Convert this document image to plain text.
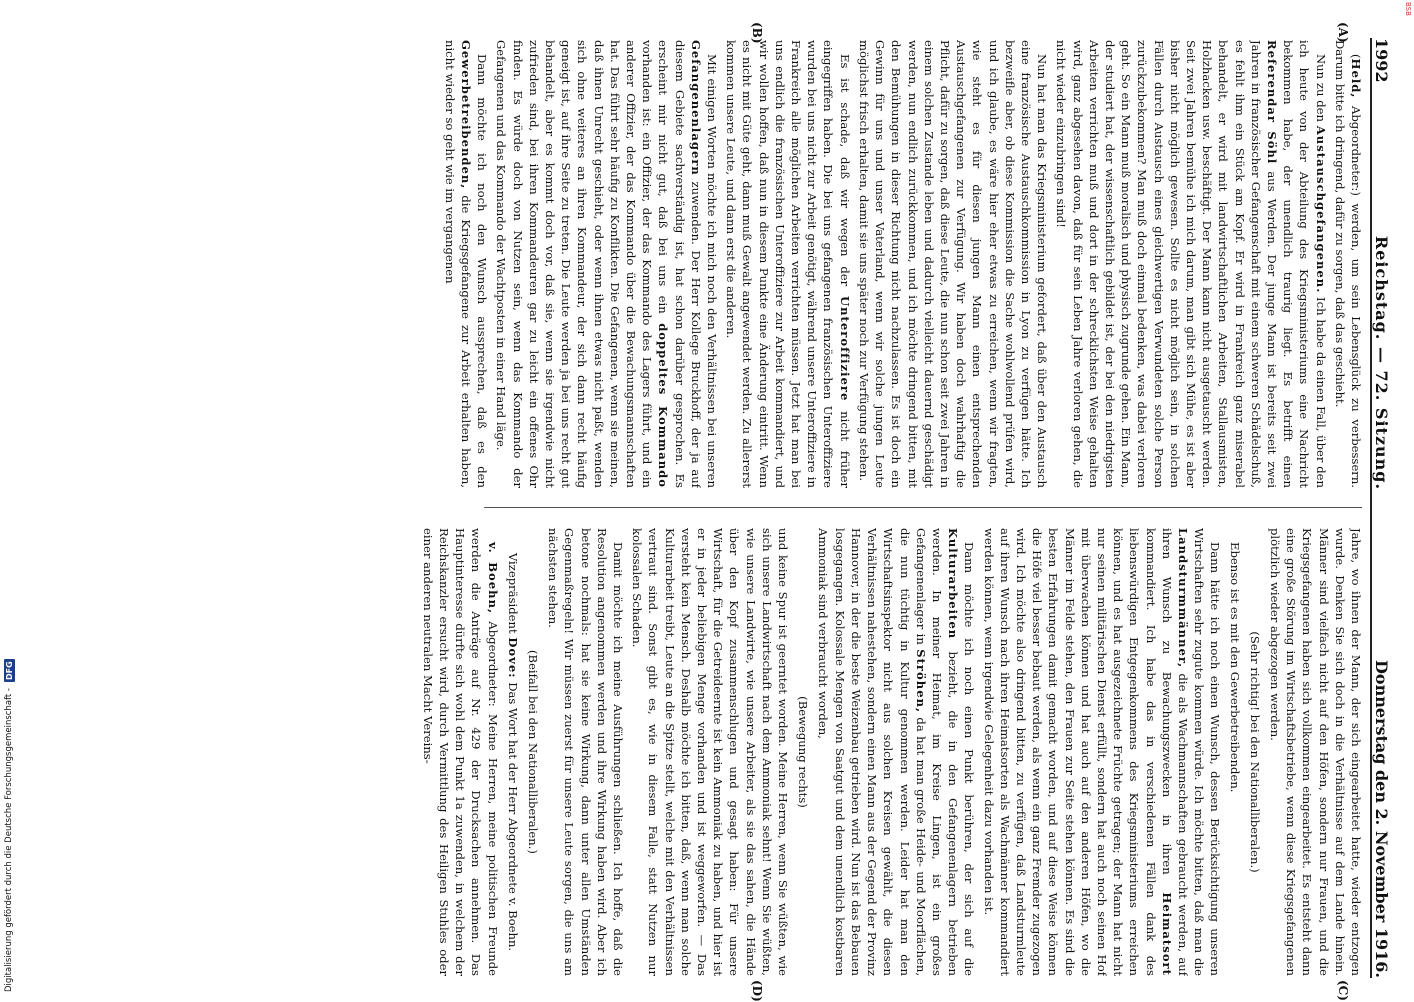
1992
Reichstag. — 72. Sitzung.
Donnerstag den 2. November 1916.
(A)
(B)
(C)
(D)

(Held, Abgeordneter:) werden, um sein Lebensglück zu verbessern. Darum bitte ich dringend, dafür zu sorgen, daß das geschieht.

Nun zu den Austauschgefangenen. Ich habe da einen Fall, über den ich heute von der Abteilung des Kriegsministeriums eine Nachricht bekommen habe, der unendlich traurig liegt. Es betrifft einen Referendar Söhl aus Werden. Der junge Mann ist bereits seit zwei Jahren in französischer Gefangenschaft mit einem schweren Schädelschuß, es fehlt ihm ein Stück am Kopf. Er wird in Frankreich ganz miserabel behandelt, er wird mit landwirtschaftlichen Arbeiten, Stallausmisten, Holzhacken usw. beschäftigt. Der Mann kann nicht ausgetauscht werden. Seit zwei Jahren bemühe ich mich darum, man gibt sich Mühe, es ist aber bisher nicht möglich gewesen. Sollte es nicht möglich sein, in solchen Fällen durch Austausch eines gleichwertigen Verwundeten solche Person zurückzubekommen? Man muß doch einmal bedenken, was dabei verloren geht. So ein Mann muß moralisch und physisch zugrunde gehen. Ein Mann, der studiert hat, der wissenschaftlich gebildet ist, der bei den niedrigsten Arbeiten verrichten muß und dort in der schrecklichsten Weise gehalten wird, ganz abgesehen davon, daß für sein Leben Jahre verloren gehen, die nicht wieder einzubringen sind!

Nun hat man das Kriegsministerium gefordert, daß über den Austausch eine französische Austauschkommission in Lyon zu verfügen hätte. Ich bezweifle aber, ob diese Kommission die Sache wohlwollend prüfen wird, und ich glaube, es wäre hier eher etwas zu erreichen, wenn wir fragten, wie steht es für diesen jungen Mann einen entsprechenden Austauschgefangenen zur Verfügung. Wir haben doch wahrhaftig die Pflicht, dafür zu sorgen, daß diese Leute, die nun schon seit zwei Jahren in einem solchen Zustande leben und dadurch vielleicht dauernd geschädigt werden, nun endlich zurückkommen, und ich möchte dringend bitten, mit den Bemühungen in dieser Richtung nicht nachzulassen. Es ist doch ein Gewinn für uns und unser Vaterland, wenn wir solche jungen Leute möglichst frisch erhalten, damit sie uns später noch zur Verfügung stehen.

Es ist schade, daß wir wegen der Unteroffiziere nicht früher eingegriffen haben. Die bei uns gefangenen französischen Unteroffiziere wurden bei uns nicht zur Arbeit genötigt, während unsere Unteroffiziere in Frankreich alle möglichen Arbeiten verrichten müssen. Jetzt hat man bei uns endlich die französischen Unteroffiziere zur Arbeit kommandiert, und wir wollen hoffen, daß nun in diesem Punkte eine Änderung eintritt. Wenn es nicht mit Güte geht, dann muß Gewalt angewendet werden. Zu allererst kommen unsere Leute, und dann erst die anderen.

Mit einigen Worten möchte ich mich noch den Verhältnissen bei unseren Gefangenenlagern zuwenden. Der Herr Kollege Bruckhoff, der ja auf diesem Gebiete sachverständig ist, hat schon darüber gesprochen. Es erscheint mir nicht gut, daß bei uns ein doppeltes Kommando vorhanden ist: ein Offizier, der das Kommando des Lagers führt, und ein anderer Offizier, der das Kommando über die Bewachungsmannschaften hat. Das führt sehr häufig zu Konflikten. Die Gefangenen, wenn sie meinen, daß ihnen Unrecht geschieht, oder wenn ihnen etwas nicht paßt, wenden sich ohne weiteres an ihren Kommandeur, der sich dann recht häufig geneigt ist, auf ihre Seite zu treten. Die Leute werden ja bei uns recht gut behandelt, aber es kommt doch vor, daß sie, wenn sie irgendwie nicht zufrieden sind, bei ihren Kommandeuren gar zu leicht ein offenes Ohr finden. Es würde doch von Nutzen sein, wenn das Kommando der Gefangenen und das Kommando der Wachtposten in einer Hand läge.

Dann möchte ich noch den Wunsch aussprechen, daß es den Gewerbetreibenden, die Kriegsgefangene zur Arbeit erhalten haben, nicht wieder so geht wie im vergangenen

Jahre, wo ihnen der Mann, der sich eingearbeitet hatte, wieder entzogen wurde. Denken Sie sich doch in die Verhältnisse auf dem Lande hinein. Männer sind vielfach nicht auf den Höfen, sondern nur Frauen, und die Kriegsgefangenen haben sich vollkommen eingearbeitet. Es entsteht dann eine große Störung im Wirtschaftsbetriebe, wenn diese Kriegsgefangenen plötzlich wieder abgezogen werden.

(Sehr richtig! bei den Nationalliberalen.)

Ebenso ist es mit den Gewerbetreibenden.

Dann hätte ich noch einen Wunsch, dessen Berücksichtigung unseren Wirtschaften sehr zugute kommen würde. Ich möchte bitten, daß man die Landsturmmänner, die als Wachmannschaften gebraucht werden, auf ihren Wunsch zu Bewachungszwecken in ihren Heimatsort kommandiert. Ich habe das in verschiedenen Fällen dank des liebenswürdigen Entgegenkommens des Kriegsministeriums erreichen können, und es hat ausgezeichnete Früchte getragen; der Mann hat nicht nur seinen militärischen Dienst erfüllt, sondern hat auch noch seinen Hof mit überwachen können und hat auch auf den anderen Höfen, wo die Männer im Felde stehen, den Frauen zur Seite stehen können. Es sind die besten Erfahrungen damit gemacht worden, und auf diese Weise können die Höfe viel besser bebaut werden, als wenn ein ganz Fremder zugezogen wird. Ich möchte also dringend bitten, zu verfügen, daß Landsturmleute auf ihren Wunsch nach ihren Heimatsorten als Wachmänner kommandiert werden können, wenn irgendwie Gelegenheit dazu vorhanden ist.

Dann möchte ich noch einen Punkt berühren, der sich auf die Kulturarbeiten bezieht, die in den Gefangenenlagern betrieben werden. In meiner Heimat, im Kreise Lingen, ist ein großes Gefangenenlager in Ströhen, da hat man große Heide- und Moorflächen, die nun tüchtig in Kultur genommen werden. Leider hat man den Wirtschaftsinspektor nicht aus solchen Kreisen gewählt, die diesen Verhältnissen nahestehen, sondern einen Mann aus der Gegend der Provinz Hannover, in der die beste Weizenbau getrieben wird. Nun ist das Bebauen losgegangen. Kolossale Mengen von Saatgut und dem unendlich kostbaren Ammoniak sind verbraucht worden,

(Bewegung rechts)

und keine Spur ist geerntet worden. Meine Herren, wenn Sie wüßten, wie sich unsere Landwirtschaft nach dem Ammoniak sehnt! Wenn Sie wüßten, wie unsere Landwirte, wie unsere Arbeiter, als sie das sahen, die Hände über den Kopf zusammenschlugen und gesagt haben: Für unsere Wirtschaft, für die Getreideernte ist kein Ammoniak zu haben, und hier ist er in jeder beliebigen Menge vorhanden und ist weggeworfen. — Das versteht kein Mensch. Deshalb möchte ich bitten, daß, wenn man solche Kulturarbeit treibt, Leute an die Spitze stellt, welche mit den Verhältnissen vertraut sind. Sonst gibt es, wie in diesem Falle, statt Nutzen nur kolossalen Schaden.

Damit möchte ich meine Ausführungen schließen. Ich hoffe, daß die Resolution angenommen werden und ihre Wirkung haben wird. Aber ich betone nochmals: hat sie keine Wirkung, dann unter allen Umständen Gegenmaßregeln! Wir müssen zuerst für unsere Leute sorgen, die uns am nächsten stehen.

(Beifall bei den Nationalliberalen.)

Vizepräsident Dove: Das Wort hat der Herr Abgeordnete v. Boehn.

v. Boehn, Abgeordneter: Meine Herren, meine politischen Freunde werden die Anträge auf Nr. 429 der Drucksachen annehmen. Das Hauptinteresse dürfte sich wohl dem Punkt 1a zuwenden, in welchem der Reichskanzler ersucht wird, durch Vermittlung des Heiligen Stuhles oder einer anderen neutralen Macht Vereins-

Digitalisierung gefördert durch die Deutsche Forschungsgemeinschaft -
DFG
BSB
